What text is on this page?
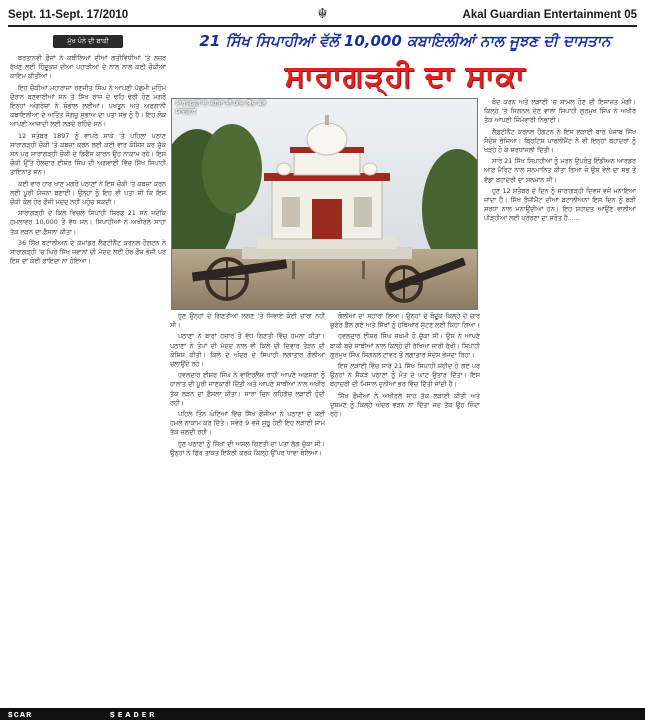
Sept. 11-Sept. 17/2010	☬	Akal Guardian Entertainment 05
ਮੁੱਖ ਪੰਨੇ ਦੀ ਬਾਕੀ	21 ਸਿੱਖ ਸਿਪਾਹੀਆਂ ਵੱਲੋਂ 10,000 ਕਬਾਇਲੀਆਂ ਨਾਲ ਜੂਝਣ ਦੀ ਦਾਸਤਾਨ
ਸਾਰਾਗੜ੍ਹੀ ਦਾ ਸਾਕਾ
ਸਾਰਾਗੜ੍ਹੀ ਦੇ ਸ਼ਹੀਦਾਂ ਦੀ ਯਾਦ ਵਿੱਚ ਬਣੇ ਯਾਦਗਾਰ

ਬਰਤਾਨਵੀ ਫ਼ੌਜਾਂ ਨੇ ਕਬੀਲਿਆਂ ਦੀਆਂ ਗਤੀਵਿਧੀਆਂ 'ਤੇ ਨਜ਼ਰ ਰੱਖਣ ਲਈ ਹਿੰਦੂਕੁਸ਼ ਦੀਆਂ ਪਹਾੜੀਆਂ ਦੇ ਨਾਲ ਨਾਲ ਕਈ ਚੌਕੀਆਂ ਕਾਇਮ ਕੀਤੀਆਂ।

ਇਹ ਚੌਕੀਆਂ ਮਹਾਰਾਜਾ ਰਣਜੀਤ ਸਿੰਘ ਨੇ ਆਪਣੀ ਪੱਛਮੀ ਮੁਹਿੰਮ ਦੌਰਾਨ ਬਣਵਾਈਆਂ ਸਨ ਤੇ ਸਿੱਖ ਰਾਜ ਦੇ ਢਹਿ ਢੇਰੀ ਹੋਣ ਮਗਰੋਂ ਇਨ੍ਹਾਂ ਅੰਗਰੇਜ਼ਾਂ ਨੇ ਸੰਭਾਲ ਲਈਆਂ। ਪਖਤੂਨ ਅਤੇ ਅਫ਼ਗਾਨੀ ਕਬਾਇਲੀਆਂ ਦੇ ਅਤਿੰਤ ਜੰਗਜੂ ਸੁਭਾਅ ਦਾ ਪਤਾ ਸਭ ਨੂੰ ਹੈ। ਇਹ ਲੋਕ ਆਪਣੀ ਆਜ਼ਾਦੀ ਲਈ ਲੜਦੇ ਰਹਿੰਦੇ ਸਨ।

12 ਸਤੰਬਰ 1897 ਨੂੰ ਵਾਪਰੇ ਸਾਕੇ 'ਤੇ ਪਹਿਲਾਂ ਪਠਾਣ ਸਾਰਾਗੜ੍ਹੀ ਚੌਕੀ 'ਤੇ ਕਬਜ਼ਾ ਕਰਨ ਲਈ ਕਈ ਵਾਰ ਕੋਸ਼ਿਸ਼ ਕਰ ਚੁੱਕੇ ਸਨ ਪਰ ਸਾਰਾਗੜ੍ਹੀ ਚੌਕੀ ਦੇ ਡਿਫੈਂਸ ਕਾਰਨ ਉਹ ਨਾਕਾਮ ਰਹੇ। ਇਸ ਚੌਕੀ ਉੱਤੇ ਹੌਲਦਾਰ ਈਸ਼ਰ ਸਿੰਘ ਦੀ ਅਗਵਾਈ ਵਿੱਚ ਸਿੱਖ ਸਿਪਾਹੀ ਤਾਇਨਾਤ ਸਨ।

ਕਈ ਵਾਰ ਹਾਰ ਖਾਣ ਮਗਰੋਂ ਪਠਾਣਾਂ ਨੇ ਇਸ ਚੌਕੀ 'ਤੇ ਕਬਜ਼ਾ ਕਰਨ ਲਈ ਪੂਰੀ ਯੋਜਨਾ ਬਣਾਈ। ਉਨ੍ਹਾਂ ਨੂੰ ਇਹ ਵੀ ਪਤਾ ਸੀ ਕਿ ਇਸ ਚੌਕੀ ਕੋਲ ਹੋਰ ਫ਼ੌਜੀ ਮਦਦ ਨਹੀਂ ਪਹੁੰਚ ਸਕਦੀ।

ਸਾਰਾਗੜ੍ਹੀ ਦੇ ਕਿਲੇ ਵਿਚਲੇ ਸਿਪਾਹੀ ਸਿਰਫ਼ 21 ਸਨ ਜਦੋਂਕਿ ਹਮਲਾਵਰ 10,000 ਤੋਂ ਵੱਧ ਸਨ। ਸਿਪਾਹੀਆਂ ਨੇ ਅਖੀਰਲੇ ਸਾਹਾਂ ਤੱਕ ਲੜਨ ਦਾ ਫ਼ੈਸਲਾ ਕੀਤਾ।

36 ਸਿੱਖ ਬਟਾਲੀਅਨ ਦੇ ਕਮਾਂਡਰ ਲੈਫ਼ਟੀਨੈਂਟ ਕਰਨਲ ਹੌਗਟਨ ਨੇ ਸਾਰਾਗੜ੍ਹੀ 'ਚ ਘਿਰੇ ਸਿੱਖ ਜਵਾਨਾਂ ਦੀ ਮੱਦਦ ਲਈ ਹੋਰ ਫ਼ੌਜ ਭੇਜੀ ਪਰ ਇਸ ਦਾ ਕੋਈ ਫ਼ਾਇਦਾ ਨਾ ਹੋਇਆ।

ਹੁਣ ਉਨ੍ਹਾਂ ਦੇ ਗਿਣਤੀਆਂ ਲਗਣ 'ਤੇ ਸਿਵਾਏ ਕੋਈ ਚਾਰਾ ਨਹੀਂ ਸੀ।

ਪਠਾਣਾਂ ਨੇ ਬਾਰਾਂ ਹਜ਼ਾਰ ਤੋਂ ਵੱਧ ਗਿਣਤੀ ਵਿੱਚ ਹਮਲਾ ਕੀਤਾ। ਪਠਾਣਾਂ ਨੇ ਤੋਪਾਂ ਦੀ ਮੱਦਦ ਨਾਲ ਵੀ ਕਿਲੇ ਦੀ ਦਿਵਾਰ ਤੋੜਨ ਦੀ ਕੋਸ਼ਿਸ਼ ਕੀਤੀ। ਕਿਲੇ ਦੇ ਅੰਦਰ ਦੇ ਸਿਪਾਹੀ ਲਗਾਤਾਰ ਗੋਲੀਆਂ ਚਲਾਉਂਦੇ ਰਹੇ।

ਹਵਲਦਾਰ ਈਸ਼ਰ ਸਿੰਘ ਨੇ ਵਾਇਰਲੈਸ ਰਾਹੀਂ ਆਪਣੇ ਅਫ਼ਸਰਾਂ ਨੂੰ ਹਾਲਾਤ ਦੀ ਪੂਰੀ ਜਾਣਕਾਰੀ ਦਿੱਤੀ ਅਤੇ ਆਪਣੇ ਸਾਥੀਆਂ ਨਾਲ ਅਖੀਰ ਤੱਕ ਲੜਨ ਦਾ ਫ਼ੈਸਲਾ ਕੀਤਾ। ਸਾਰਾ ਦਿਨ ਗਹਿਗੱਚ ਲੜਾਈ ਹੁੰਦੀ ਰਹੀ।

ਪਹਿਲੇ ਤਿੰਨ ਘੰਟਿਆਂ ਵਿੱਚ ਸਿੱਖ ਫ਼ੌਜੀਆਂ ਨੇ ਪਠਾਣਾਂ ਦੇ ਕਈ ਹਮਲੇ ਨਾਕਾਮ ਕਰ ਦਿੱਤੇ। ਸਵੇਰੇ 9 ਵਜੇ ਸ਼ੁਰੂ ਹੋਈ ਇਹ ਲੜਾਈ ਸ਼ਾਮ ਤੱਕ ਚਲਦੀ ਰਹੀ।

ਹੁਣ ਪਠਾਣਾਂ ਨੂੰ ਸਿੱਖਾਂ ਦੀ ਅਸਲ ਗਿਣਤੀ ਦਾ ਪਤਾ ਲੱਗ ਚੁੱਕਾ ਸੀ। ਉਨ੍ਹਾਂ ਨੇ ਫਿਰ ਤਾਕਤ ਇਕੱਠੀ ਕਰਕੇ ਕਿਲ੍ਹੇ ਉੱਪਰ ਧਾਵਾ ਬੋਲਿਆ।

ਗੋਲੀਆਂ ਦਾ ਸਹਾਰਾ ਲਿਆ। ਉਨ੍ਹਾਂ ਦੇ ਬੰਦੂਕ ਕਿਲ੍ਹੇ ਦੇ ਚਾਰ ਚੁਫੇਰੇ ਫ਼ੈਲ ਗਏ ਅਤੇ ਸਿੱਖਾਂ ਨੂੰ ਹਥਿਆਰ ਸੁੱਟਣ ਲਈ ਕਿਹਾ ਗਿਆ।

ਹਵਲਦਾਰ ਈਸ਼ਰ ਸਿੰਘ ਜ਼ਖ਼ਮੀ ਹੋ ਚੁੱਕਾ ਸੀ। ਉਸ ਨੇ ਆਪਣੇ ਬਾਕੀ ਬਚੇ ਸਾਥੀਆਂ ਨਾਲ ਕਿਲ੍ਹੇ ਦੀ ਰੱਖਿਆ ਜਾਰੀ ਰੱਖੀ। ਸਿਪਾਹੀ ਗੁਰਮੁਖ ਸਿੰਘ ਸਿਗਨਲ ਟਾਵਰ ਤੋਂ ਲਗਾਤਾਰ ਸੰਦੇਸ਼ ਭੇਜਦਾ ਰਿਹਾ।

ਇਸ ਲੜਾਈ ਵਿੱਚ ਸਾਰੇ 21 ਸਿੱਖ ਸਿਪਾਹੀ ਸ਼ਹੀਦ ਹੋ ਗਏ ਪਰ ਉਨ੍ਹਾਂ ਨੇ ਸੈਂਕੜੇ ਪਠਾਣਾਂ ਨੂੰ ਮੌਤ ਦੇ ਘਾਟ ਉਤਾਰ ਦਿੱਤਾ। ਇਸ ਬਹਾਦਰੀ ਦੀ ਮਿਸਾਲ ਦੁਨੀਆਂ ਭਰ ਵਿੱਚ ਦਿੱਤੀ ਜਾਂਦੀ ਹੈ।

ਸਿੱਖ ਫ਼ੌਜੀਆਂ ਨੇ ਅਖੀਰਲੇ ਸਾਹ ਤੱਕ ਲੜਾਈ ਕੀਤੀ ਅਤੇ ਦੁਸ਼ਮਣ ਨੂੰ ਕਿਲ੍ਹੇ ਅੰਦਰ ਵੜਨ ਨਾ ਦਿੱਤਾ ਜਦ ਤੱਕ ਉਹ ਜ਼ਿੰਦਾ ਰਹੇ।

ਬੰਦ ਕਰਨ ਅਤੇ ਲੜਾਈ 'ਚ ਸ਼ਾਮਲ ਹੋਣ ਦੀ ਇਜਾਜ਼ਤ ਮੰਗੀ। ਕਿਲ੍ਹੇ 'ਤੇ ਸਿਗਨਲ ਦੇਣ ਵਾਲਾ ਸਿਪਾਹੀ ਗੁਰਮੁਖ ਸਿੰਘ ਨੇ ਅਖੀਰ ਤੱਕ ਆਪਣੀ ਜ਼ਿੰਮੇਵਾਰੀ ਨਿਭਾਈ।

ਲੈਫ਼ਟੀਨੈਂਟ ਕਰਨਲ ਹੌਗਟਨ ਨੇ ਇਸ ਲੜਾਈ ਬਾਰੇ ਪੰਜਾਬ ਸਿੱਖ ਸੰਦੇਸ਼ ਭੇਜਿਆ। ਬ੍ਰਿਟਿਸ਼ ਪਾਰਲੀਮੈਂਟ ਨੇ ਵੀ ਇਨ੍ਹਾਂ ਬਹਾਦਰਾਂ ਨੂੰ ਖੜ੍ਹੇ ਹੋ ਕੇ ਸ਼ਰਧਾਂਜਲੀ ਦਿੱਤੀ।

ਸਾਰੇ 21 ਸਿੱਖ ਸਿਪਾਹੀਆਂ ਨੂੰ ਮਰਨ ਉਪਰੰਤ ਇੰਡੀਅਨ ਆਰਡਰ ਆਫ਼ ਮੈਰਿਟ ਨਾਲ ਸਨਮਾਨਿਤ ਕੀਤਾ ਗਿਆ ਜੋ ਉਸ ਵੇਲੇ ਦਾ ਸਭ ਤੋਂ ਵੱਡਾ ਬਹਾਦਰੀ ਦਾ ਸਨਮਾਨ ਸੀ।

ਹੁਣ 12 ਸਤੰਬਰ ਦੇ ਦਿਨ ਨੂੰ ਸਾਰਾਗੜ੍ਹੀ ਦਿਵਸ ਵਜੋਂ ਮਨਾਇਆ ਜਾਂਦਾ ਹੈ। ਸਿੱਖ ਰੈਜੀਮੈਂਟ ਦੀਆਂ ਬਟਾਲੀਅਨਾਂ ਇਸ ਦਿਨ ਨੂੰ ਬੜੀ ਸ਼ਰਧਾ ਨਾਲ ਮਨਾਉਂਦੀਆਂ ਹਨ। ਇਹ ਸ਼ਹਾਦਤ ਆਉਣ ਵਾਲੀਆਂ ਪੀੜ੍ਹੀਆਂ ਲਈ ਪ੍ਰੇਰਣਾ ਦਾ ਸਰੋਤ ਹੈ......

ꜱᴄᴀʀ	ꜱᴇᴀᴅᴇʀ
